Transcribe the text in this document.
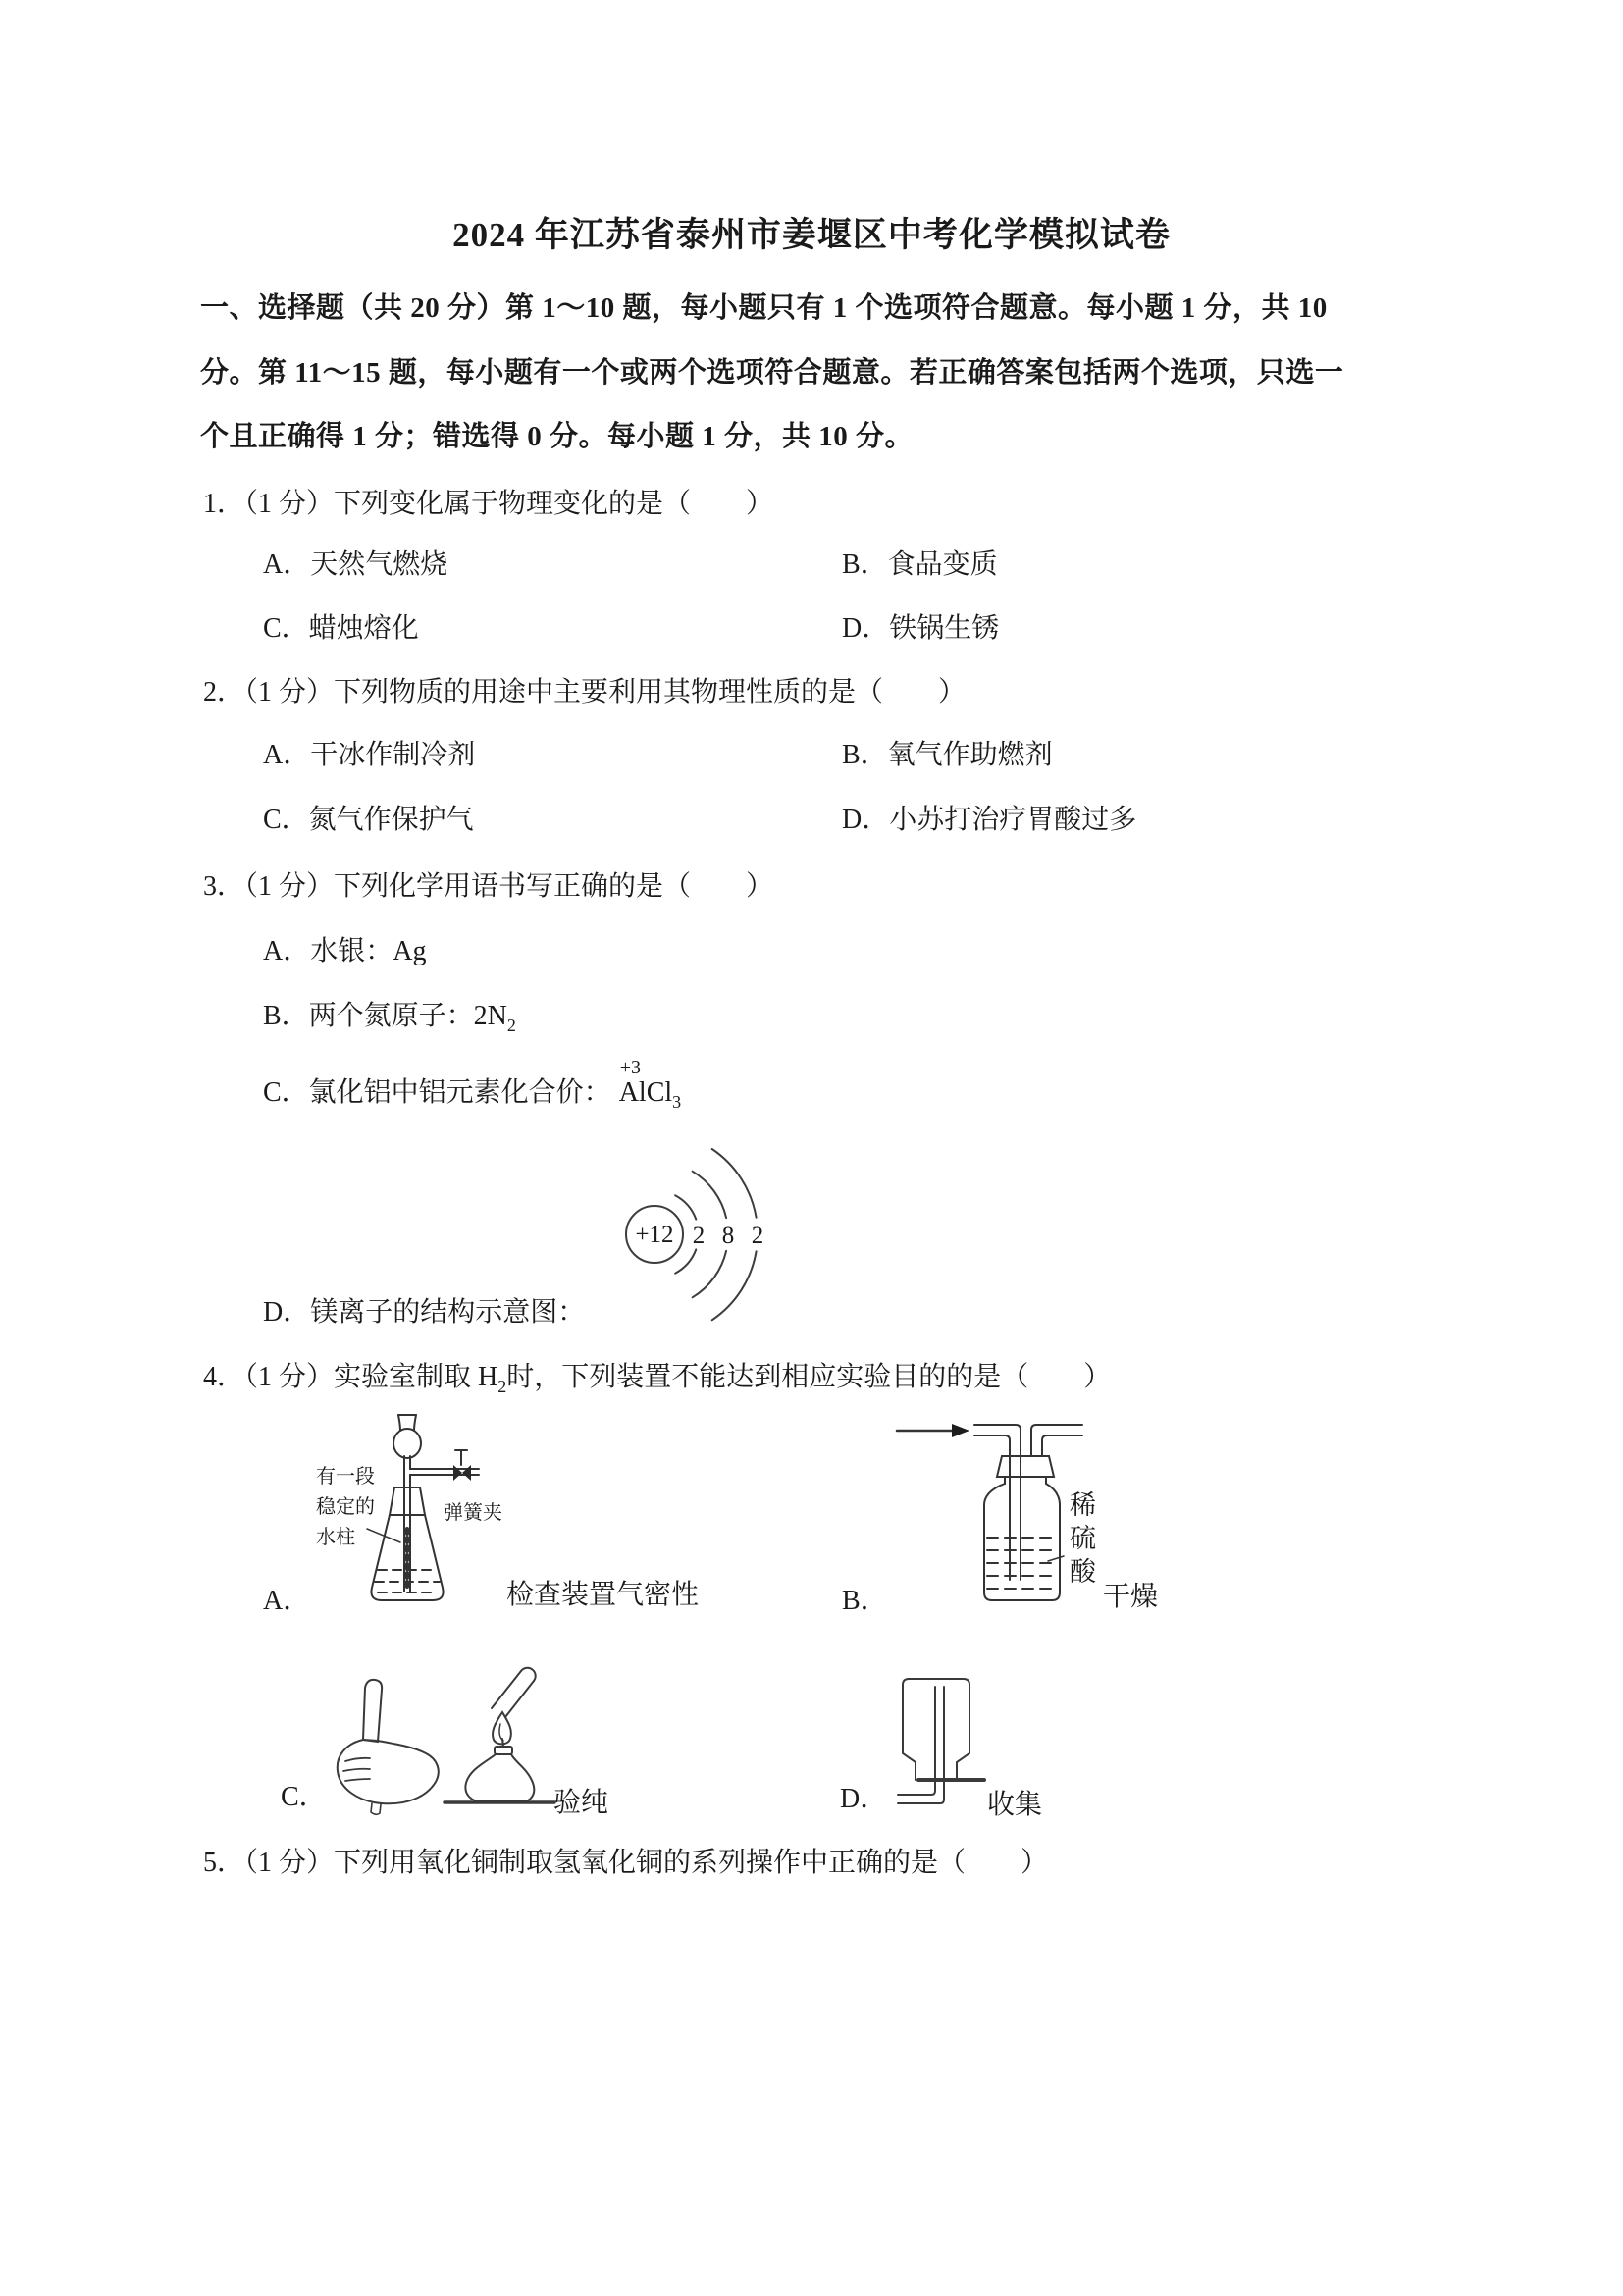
2024 年江苏省泰州市姜堰区中考化学模拟试卷
一、选择题（共 20 分）第 1～10 题，每小题只有 1 个选项符合题意。每小题 1 分，共 10
分。第 11～15 题，每小题有一个或两个选项符合题意。若正确答案包括两个选项，只选一
个且正确得 1 分；错选得 0 分。每小题 1 分，共 10 分。
1．（1 分）下列变化属于物理变化的是（　　）
A．天然气燃烧	B．食品变质
C．蜡烛熔化	D．铁锅生锈
2．（1 分）下列物质的用途中主要利用其物理性质的是（　　）
A．干冰作制冷剂	B．氧气作助燃剂
C．氮气作保护气	D．小苏打治疗胃酸过多
3．（1 分）下列化学用语书写正确的是（　　）
A．水银：Ag
B．两个氮原子：$2N_2$
C．氯化铝中铝元素化合价：
+3
AlCl$_3$
+12 2 8 2
D．镁离子的结构示意图：
4．（1 分）实验室制取 $H_2$时，下列装置不能达到相应实验目的的是（　　）
有一段
稳定的
水柱
弹簧夹
A．	检查装置气密性
稀
硫
酸
B．	干燥
C．	验纯	D．	收集
5．（1 分）下列用氧化铜制取氢氧化铜的系列操作中正确的是（　　）
